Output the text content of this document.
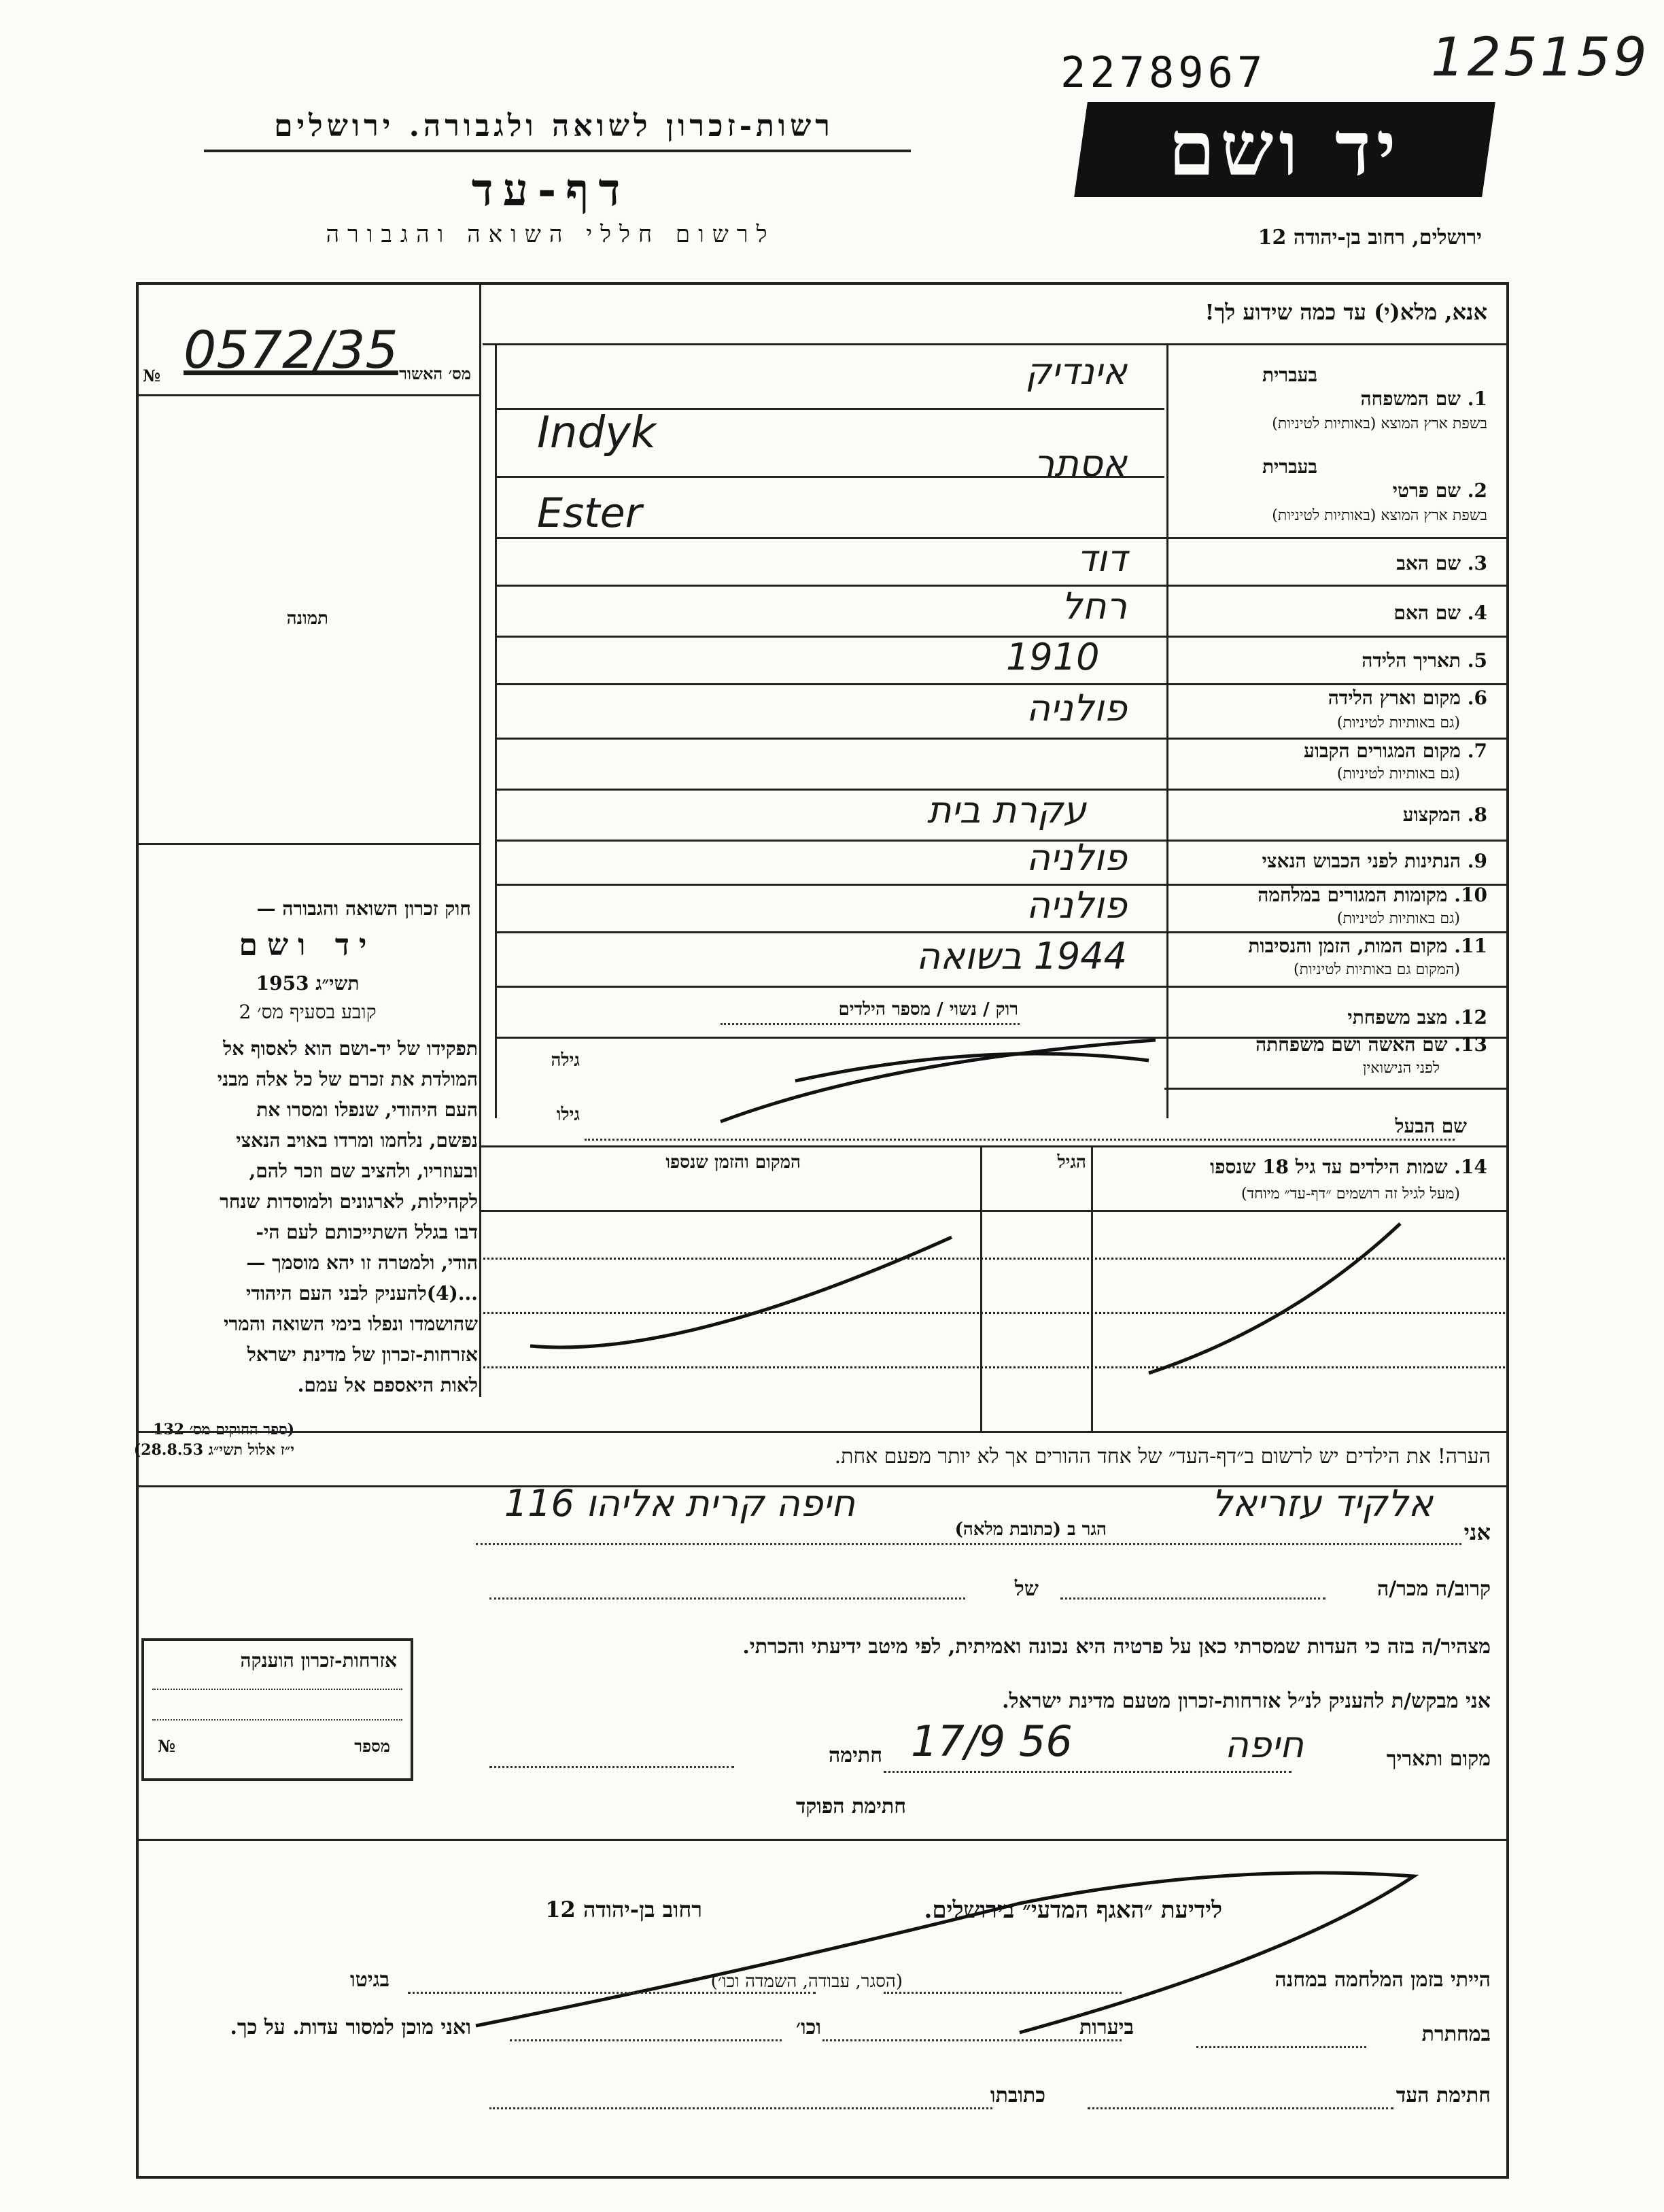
125159
2278967
רשות-זכרון לשואה ולגבורה. ירושלים
דף-עד
לרשום חללי השואה והגבורה
יד ושם
ירושלים, רחוב בן-יהודה 12
אנא, מלא(י) עד כמה שידוע לך!
מס׳ האשור
№ 0572/35
תמונה
חוק זכרון השואה והגבורה —
יד ושם
תשי״ג 1953
קובע בסעיף מס׳ 2
תפקידו של יד-ושם הוא לאסוף אל
המולדת את זכרם של כל אלה מבני
העם היהודי, שנפלו ומסרו את
נפשם, נלחמו ומרדו באויב הנאצי
ובעוזריו, ולהציב שם וזכר להם,
לקהילות, לארגונים ולמוסדות שנחר
דבו בגלל השתייכותם לעם הי-
הודי, ולמטרה זו יהא מוסמך —
...(4)להעניק לבני העם היהודי
שהושמדו ונפלו בימי השואה והמרי
אזרחות-זכרון של מדינת ישראל
לאות היאספם אל עמם.
(ספר החוקים מס׳ 132
י״ז אלול תשי״ג 28.8.53)
1. שם המשפחה
בשפת ארץ המוצא (באותיות לטיניות)
בעברית
אינדיק
Indyk
2. שם פרטי
בשפת ארץ המוצא (באותיות לטיניות)
בעברית
אסתר
Ester
3. שם האב
דוד
4. שם האם
רחל
5. תאריך הלידה
1910
6. מקום וארץ הלידה
(גם באותיות לטיניות)
פולניה
7. מקום המגורים הקבוע
(גם באותיות לטיניות)
8. המקצוע
עקרת בית
9. הנתינות לפני הכבוש הנאצי
פולניה
10. מקומות המגורים במלחמה
(גם באותיות לטיניות)
פולניה
11. מקום המות, הזמן והנסיבות
(המקום גם באותיות לטיניות)
1944 בשואה
12. מצב משפחתי
רוק / נשוי / מספר הילדים
13. שם האשה ושם משפחתה
לפני הנישואין
גילה
גילו	שם הבעל
14. שמות הילדים עד גיל 18 שנספו
(מעל לגיל זה רושמים ״דף-עד״ מיוחד)
הגיל
המקום והזמן שנספו
הערה! את הילדים יש לרשום ב״דף-העד״ של אחד ההורים אך לא יותר מפעם אחת.
אני
אלקיד עזריאל
הגר ב (כתובת מלאה)
חיפה קרית אליהו 116
קרוב/ה מכר/ה
של
מצהיר/ה בזה כי העדות שמסרתי כאן על פרטיה היא נכונה ואמיתית, לפי מיטב ידיעתי והכרתי.
אני מבקש/ת להעניק לנ״ל אזרחות-זכרון מטעם מדינת ישראל.
מקום ותאריך
חיפה
17/9 56
חתימה
חתימת הפוקד
אזרחות-זכרון הוענקה
מספר
№
לידיעת ״האגף המדעי״ בירושלים.
רחוב בן-יהודה 12
הייתי בזמן המלחמה במחנה
(הסגר, עבודה, השמדה וכו׳)
בגיטו
במחתרת
ביערות
וכו׳
ואני מוכן למסור עדות. על כך.
חתימת העד
כתובתו
